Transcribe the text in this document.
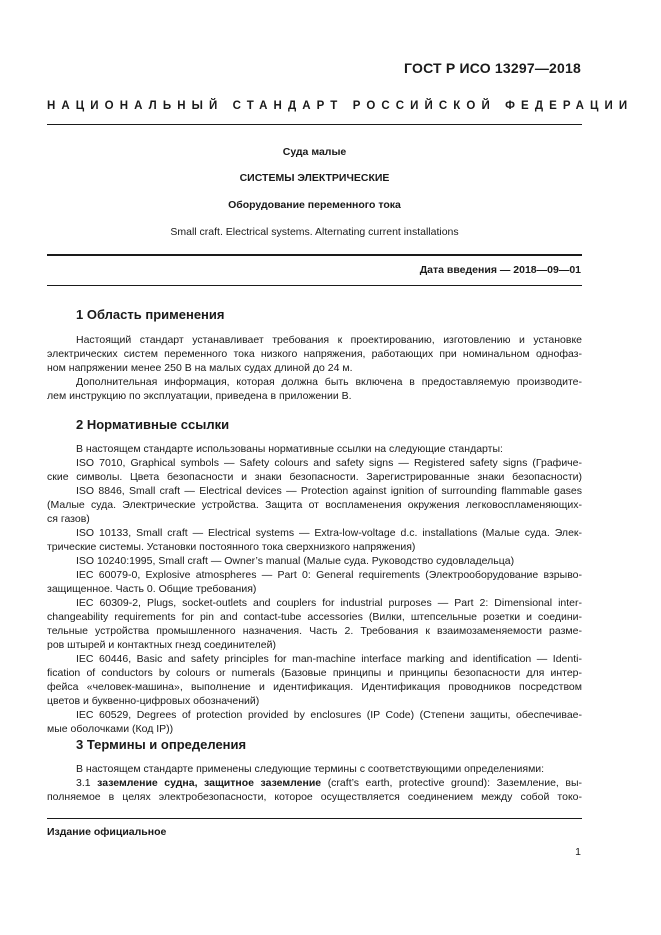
ГОСТ Р ИСО 13297—2018
НАЦИОНАЛЬНЫЙ СТАНДАРТ РОССИЙСКОЙ ФЕДЕРАЦИИ
Суда малые
СИСТЕМЫ ЭЛЕКТРИЧЕСКИЕ
Оборудование переменного тока
Small craft. Electrical systems. Alternating current installations
Дата введения — 2018—09—01
1 Область применения
Настоящий стандарт устанавливает требования к проектированию, изготовлению и установке
электрических систем переменного тока низкого напряжения, работающих при номинальном однофаз-
ном напряжении менее 250 В на малых судах длиной до 24 м.
Дополнительная информация, которая должна быть включена в предоставляемую производите-
лем инструкцию по эксплуатации, приведена в приложении В.
2 Нормативные ссылки
В настоящем стандарте использованы нормативные ссылки на следующие стандарты:
ISO 7010, Graphical symbols — Safety colours and safety signs — Registered safety signs (Графиче-
ские символы. Цвета безопасности и знаки безопасности. Зарегистрированные знаки безопасности)
ISO 8846, Small craft — Electrical devices — Protection against ignition of surrounding flammable gases
(Малые суда. Электрические устройства. Защита от воспламенения окружения легковоспламеняющих-
ся газов)
ISO 10133, Small craft — Electrical systems — Extra-low-voltage d.c. installations (Малые суда. Элек-
трические системы. Установки постоянного тока сверхнизкого напряжения)
ISO 10240:1995, Small craft — Owner’s manual (Малые суда. Руководство судовладельца)
IEC 60079-0, Explosive atmospheres — Part 0: General requirements (Электрооборудование взрыво-
защищенное. Часть 0. Общие требования)
IEC 60309-2, Plugs, socket-outlets and couplers for industrial purposes — Part 2: Dimensional inter-
changeability requirements for pin and contact-tube accessories (Вилки, штепсельные розетки и соедини-
тельные устройства промышленного назначения. Часть 2. Требования к взаимозаменяемости разме-
ров штырей и контактных гнезд соединителей)
IEC 60446, Basic and safety principles for man-machine interface marking and identification — Identi-
fication of conductors by colours or numerals (Базовые принципы и принципы безопасности для интер-
фейса «человек-машина», выполнение и идентификация. Идентификация проводников посредством
цветов и буквенно-цифровых обозначений)
IEC 60529, Degrees of protection provided by enclosures (IP Code) (Степени защиты, обеспечивае-
мые оболочками (Код IP))
3 Термины и определения
В настоящем стандарте применены следующие термины с соответствующими определениями:
3.1 заземление судна, защитное заземление (craft’s earth, protective ground): Заземление, вы-
полняемое в целях электробезопасности, которое осуществляется соединением между собой токо-
Издание официальное
1
